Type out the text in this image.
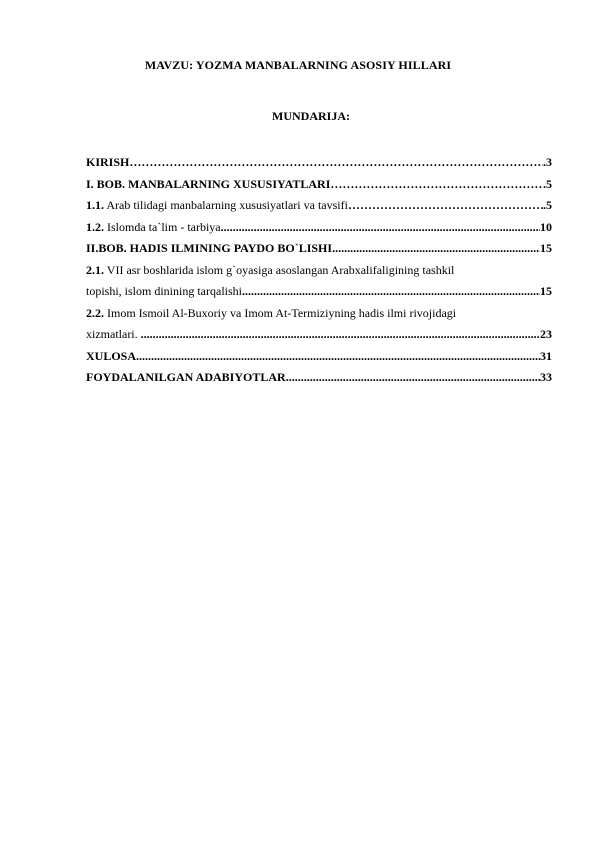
MAVZU: YOZMA MANBALARNING ASOSIY HILLARI
MUNDARIJA:
KIRISH ………………………………………………………………………………………………………………………………………………………………………	.3
I. BOB. MANBALARNING XUSUSIYATLARI ………………………………………………………………………………………………………………………………………………………………………	.5
1.1. Arab tilidagi manbalarning xususiyatlari va tavsifi ………………………………………………………………………………………………………………………………………………………………………	.5
1.2. Islomda ta`lim - tarbiya .....	10
II.BOB. HADIS ILMINING PAYDO BO`LISHI .....	15
2.1. VII asr boshlarida islom g`oyasiga asoslangan Arabxalifaligining tashkil
topishi, islom dinining tarqalishi .....	15
2.2. Imom Ismoil Al-Buxoriy va Imom At-Termiziyning hadis ilmi rivojidagi
xizmatlari. .....	23
XULOSA .....	31
FOYDALANILGAN ADABIYOTLAR .....	33
